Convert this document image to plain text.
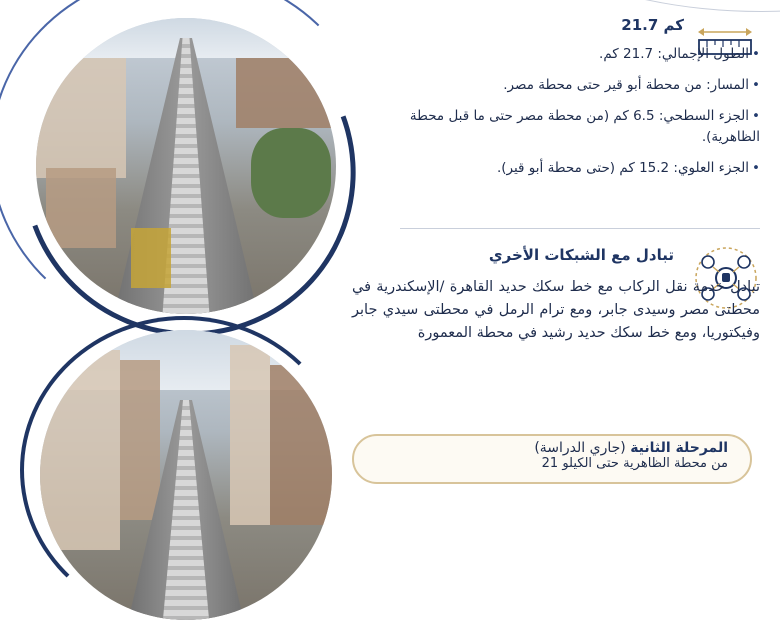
21.7 كم
• الطول الإجمالي: 21.7 كم.
• المسار: من محطة أبو قير حتى محطة مصر.
• الجزء السطحي: 6.5 كم (من محطة مصر حتى ما قبل محطة الظاهرية).
• الجزء العلوي: 15.2 كم (حتى محطة أبو قير).
تبادل مع الشبكات الأخري
تبادل خدمة نقل الركاب مع خط سكك حديد القاهرة /الإسكندرية في محطتى مصر وسيدى جابر، ومع ترام الرمل في محطتى سيدي جابر وفيكتوريا، ومع خط سكك حديد رشيد في محطة المعمورة
المرحلة الثانية (جاري الدراسة)
من محطة الظاهرية حتى الكيلو 21
